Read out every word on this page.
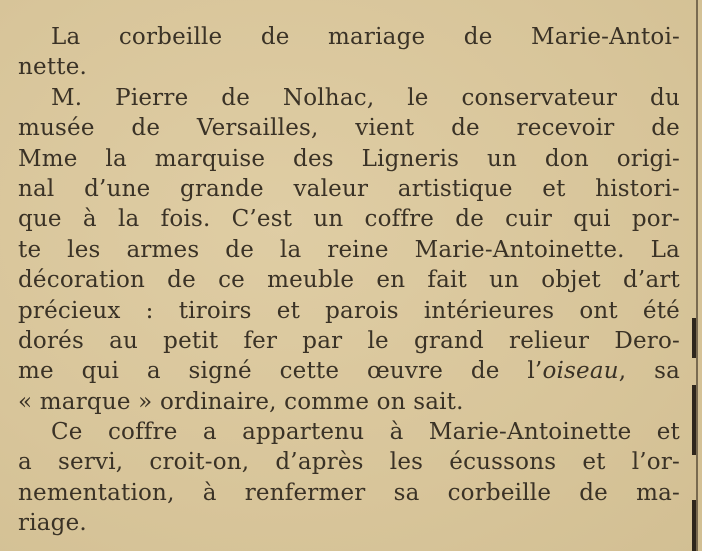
La corbeille de mariage de Marie-Antoi-
nette.
M. Pierre de Nolhac, le conservateur du
musée de Versailles, vient de recevoir de
Mme la marquise des Ligneris un don origi-
nal d’une grande valeur artistique et histori-
que à la fois. C’est un coffre de cuir qui por-
te les armes de la reine Marie-Antoinette. La
décoration de ce meuble en fait un objet d’art
précieux : tiroirs et parois intérieures ont été
dorés au petit fer par le grand relieur Dero-
me qui a signé cette œuvre de l’oiseau, sa
« marque » ordinaire, comme on sait.
Ce coffre a appartenu à Marie-Antoinette et
a servi, croit-on, d’après les écussons et l’or-
nementation, à renfermer sa corbeille de ma-
riage.
